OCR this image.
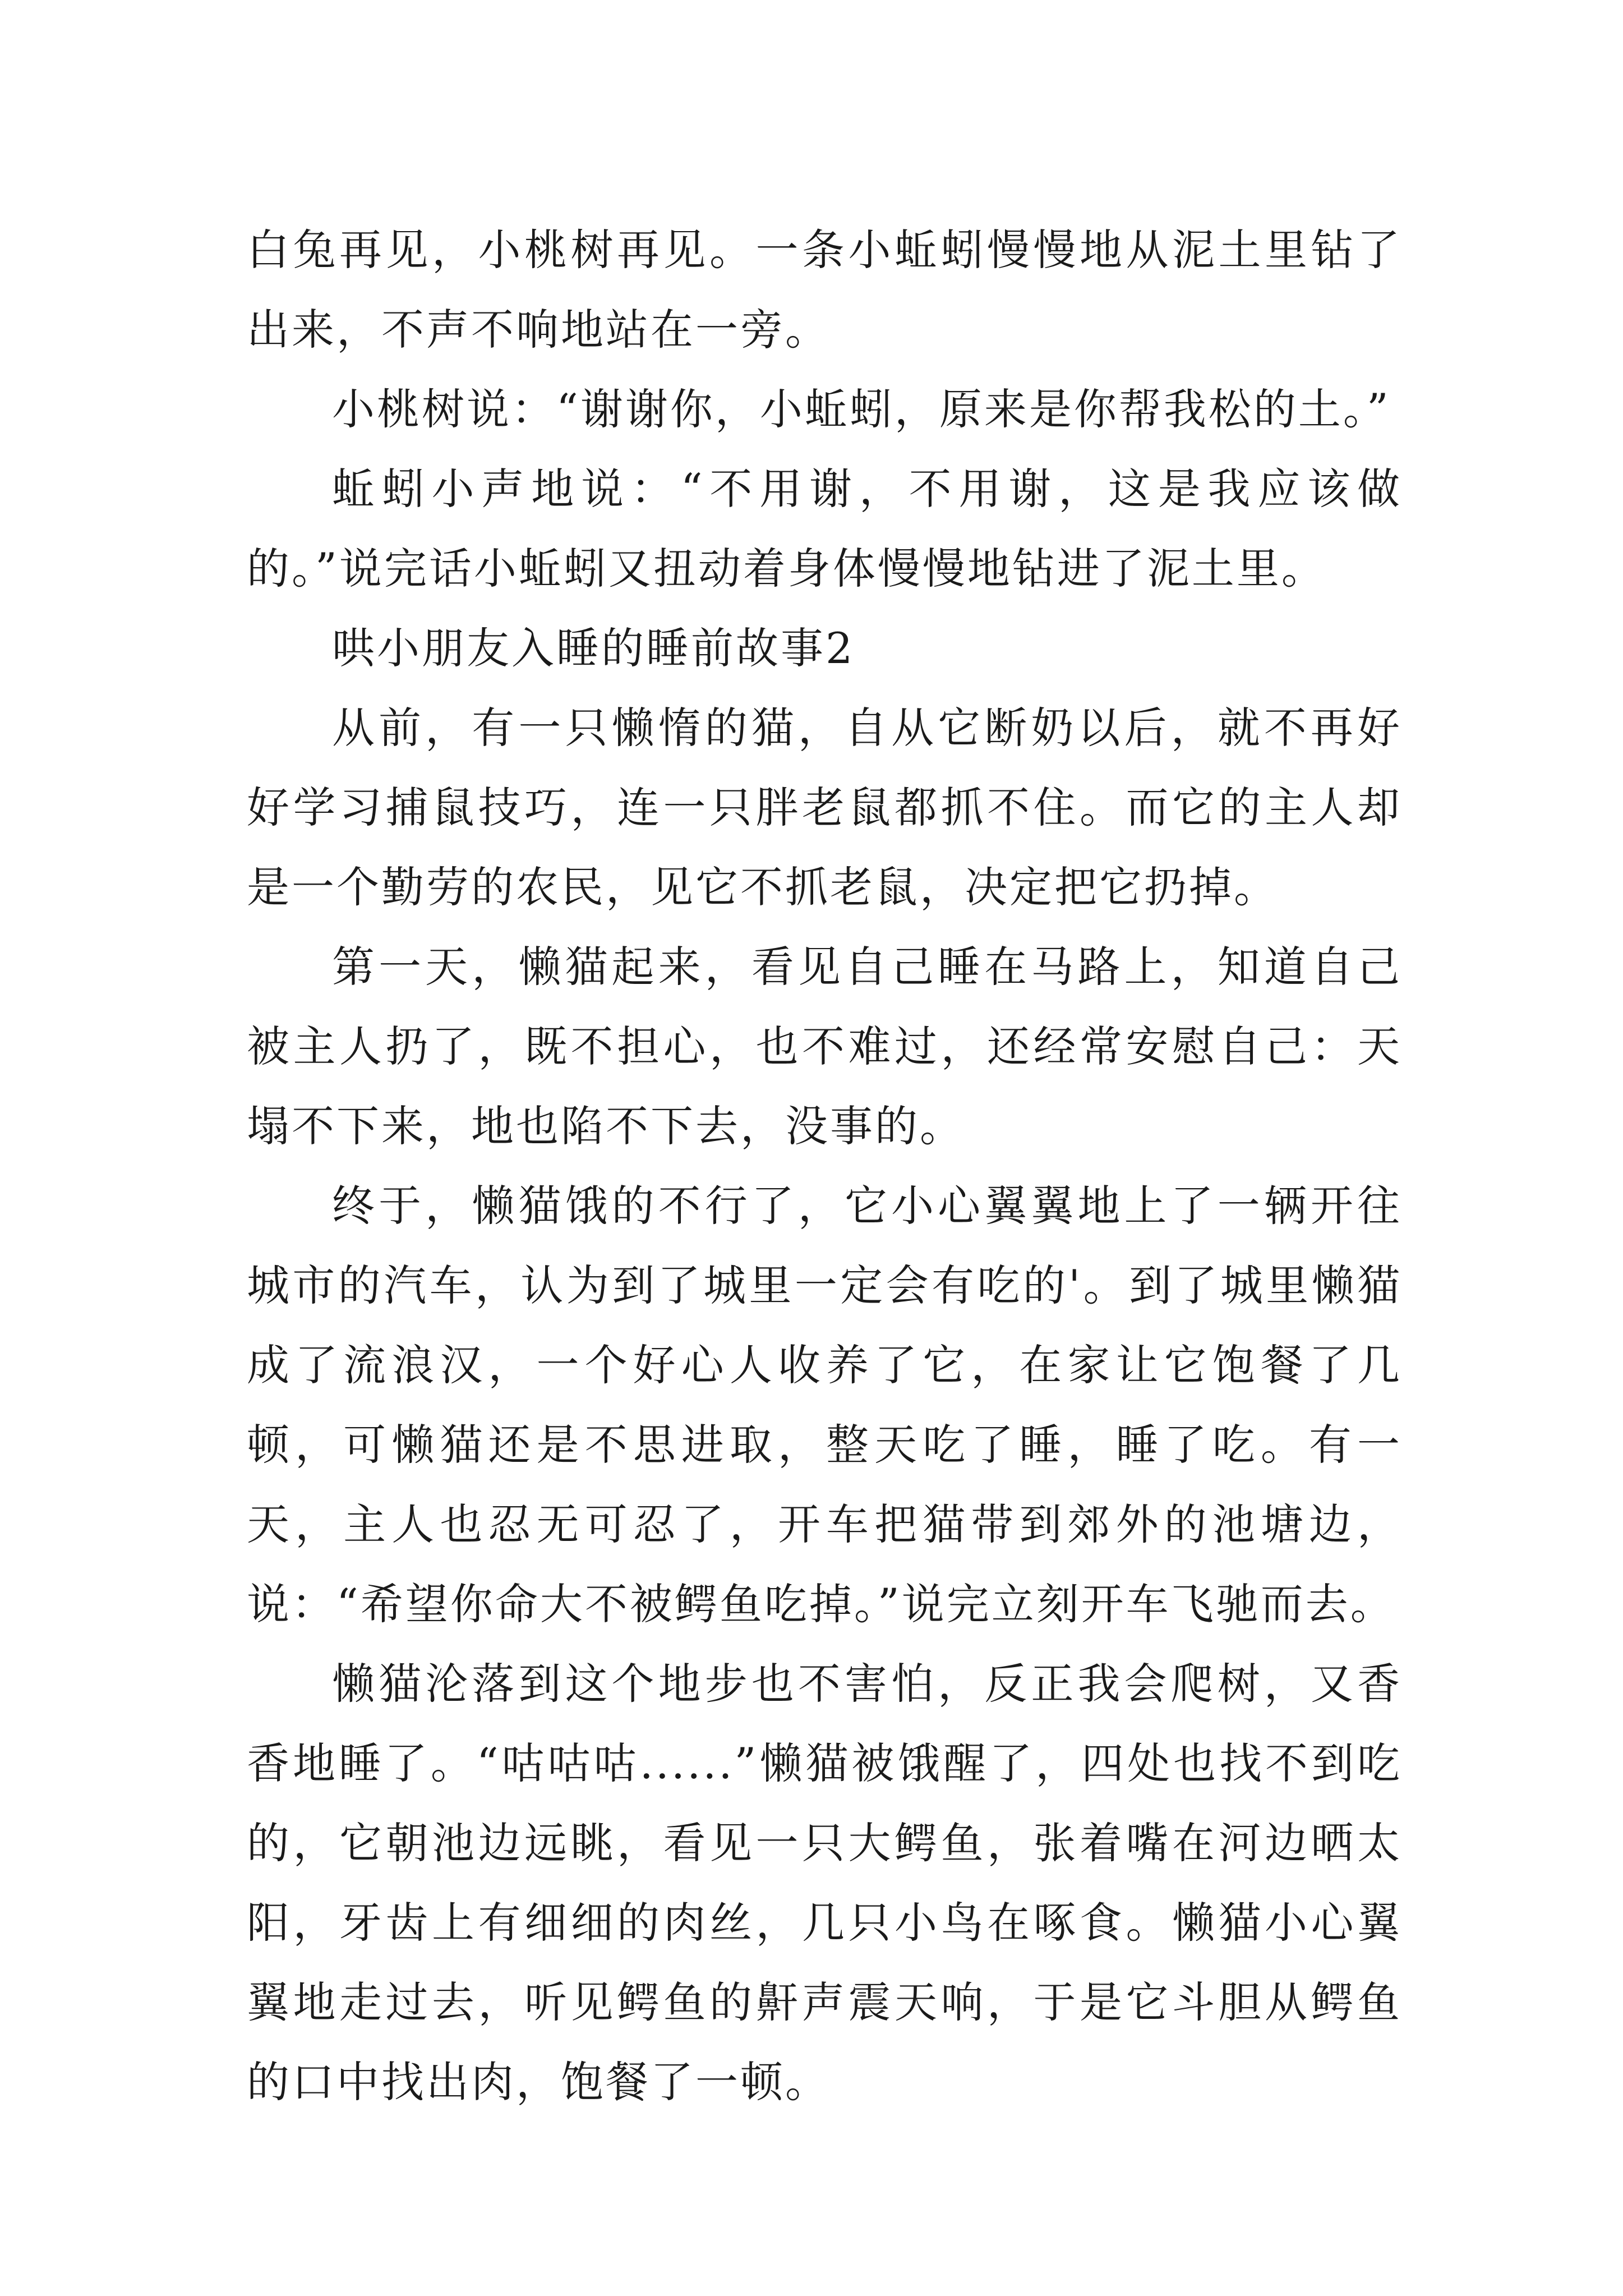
白兔再见，小桃树再见。一条小蚯蚓慢慢地从泥土里钻了出来，不声不响地站在一旁。

小桃树说：“谢谢你，小蚯蚓，原来是你帮我松的土。”

蚯蚓小声地说：“不用谢，不用谢，这是我应该做的。”说完话小蚯蚓又扭动着身体慢慢地钻进了泥土里。

哄小朋友入睡的睡前故事2

从前，有一只懒惰的猫，自从它断奶以后，就不再好好学习捕鼠技巧，连一只胖老鼠都抓不住。而它的主人却是一个勤劳的农民，见它不抓老鼠，决定把它扔掉。

第一天，懒猫起来，看见自己睡在马路上，知道自己被主人扔了，既不担心，也不难过，还经常安慰自己：天塌不下来，地也陷不下去，没事的。

终于，懒猫饿的不行了，它小心翼翼地上了一辆开往城市的汽车，认为到了城里一定会有吃的'。到了城里懒猫成了流浪汉，一个好心人收养了它，在家让它饱餐了几顿，可懒猫还是不思进取，整天吃了睡，睡了吃。有一天，主人也忍无可忍了，开车把猫带到郊外的池塘边，说：“希望你命大不被鳄鱼吃掉。”说完立刻开车飞驰而去。

懒猫沦落到这个地步也不害怕，反正我会爬树，又香香地睡了。“咕咕咕......”懒猫被饿醒了，四处也找不到吃的，它朝池边远眺，看见一只大鳄鱼，张着嘴在河边晒太阳，牙齿上有细细的肉丝，几只小鸟在啄食。懒猫小心翼翼地走过去，听见鳄鱼的鼾声震天响，于是它斗胆从鳄鱼的口中找出肉，饱餐了一顿。
